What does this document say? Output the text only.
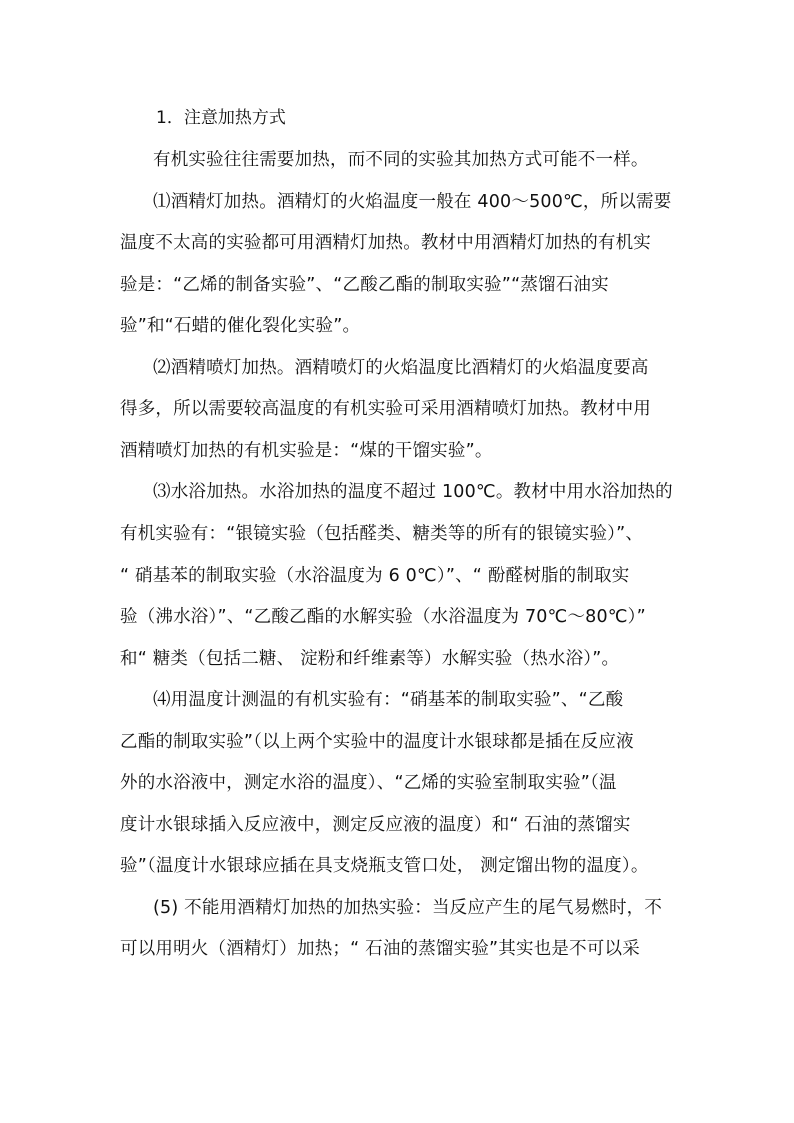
1．注意加热方式
有机实验往往需要加热，而不同的实验其加热方式可能不一样。
⑴酒精灯加热。酒精灯的火焰温度一般在 400～500℃，所以需要
温度不太高的实验都可用酒精灯加热。教材中用酒精灯加热的有机实
验是：“乙烯的制备实验”、“乙酸乙酯的制取实验”“蒸馏石油实
验”和“石蜡的催化裂化实验”。
⑵酒精喷灯加热。酒精喷灯的火焰温度比酒精灯的火焰温度要高
得多，所以需要较高温度的有机实验可采用酒精喷灯加热。教材中用
酒精喷灯加热的有机实验是：“煤的干馏实验”。
⑶水浴加热。水浴加热的温度不超过 100℃。教材中用水浴加热的
有机实验有：“银镜实验（包括醛类、糖类等的所有的银镜实验）”、
“ 硝基苯的制取实验（水浴温度为 6 0℃）”、“ 酚醛树脂的制取实
验（沸水浴）”、“乙酸乙酯的水解实验（水浴温度为 70℃～80℃）”
和“ 糖类（包括二糖、 淀粉和纤维素等）水解实验（热水浴）”。
⑷用温度计测温的有机实验有：“硝基苯的制取实验”、“乙酸
乙酯的制取实验”（以上两个实验中的温度计水银球都是插在反应液
外的水浴液中，测定水浴的温度）、“乙烯的实验室制取实验”（温
度计水银球插入反应液中，测定反应液的温度）和“ 石油的蒸馏实
验”（温度计水银球应插在具支烧瓶支管口处， 测定馏出物的温度）。
(5) 不能用酒精灯加热的加热实验：当反应产生的尾气易燃时，不
可以用明火（酒精灯）加热；“ 石油的蒸馏实验”其实也是不可以采
